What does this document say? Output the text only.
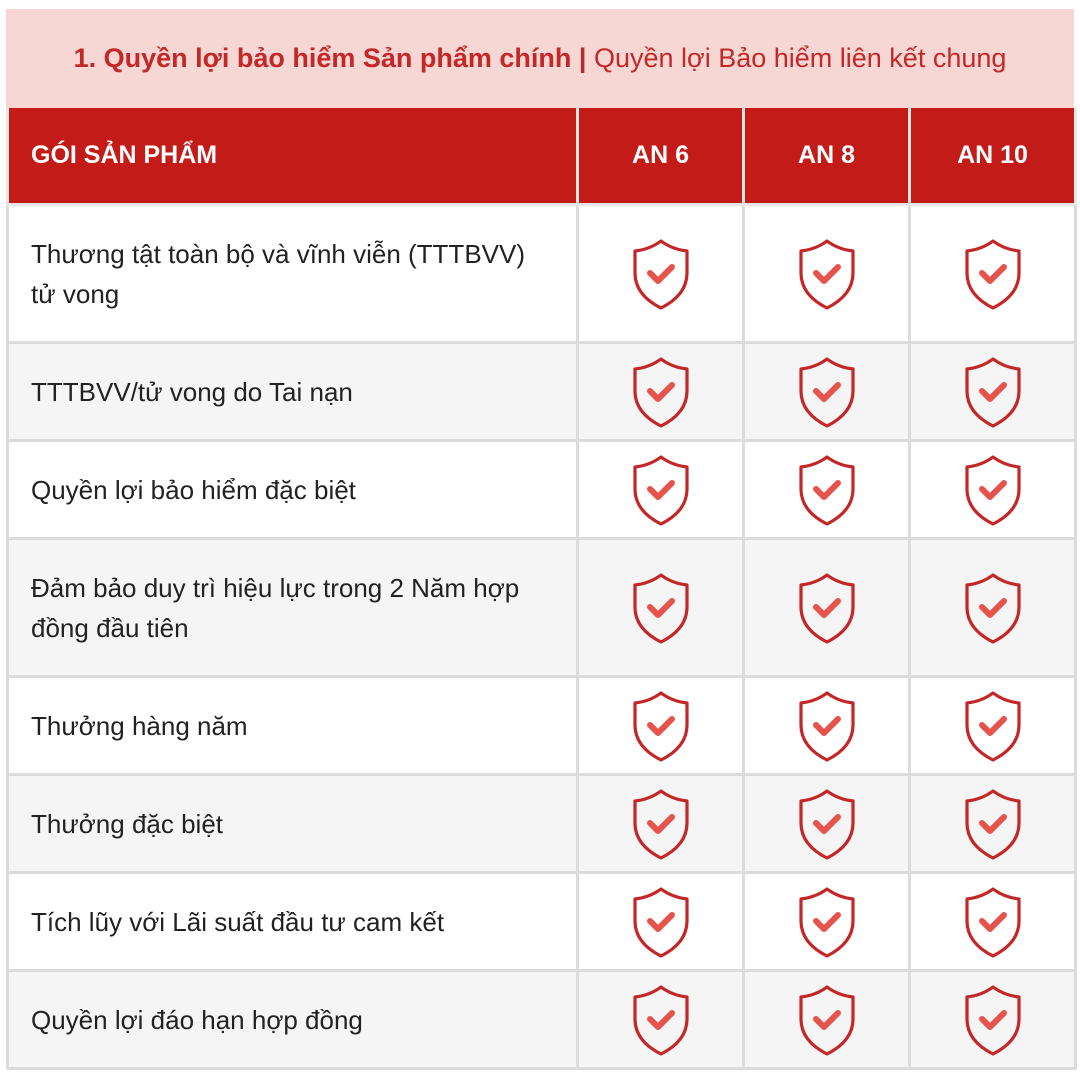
1. Quyền lợi bảo hiểm Sản phẩm chính |
Quyền lợi Bảo hiểm liên kết chung
GÓI SẢN PHẨM	AN 6	AN 8	AN 10
Thương tật toàn bộ và vĩnh viễn (TTTBVV) tử vong			
TTTBVV/tử vong do Tai nạn			
Quyền lợi bảo hiểm đặc biệt			
Đảm bảo duy trì hiệu lực trong 2 Năm hợp đồng đầu tiên			
Thưởng hàng năm			
Thưởng đặc biệt			
Tích lũy với Lãi suất đầu tư cam kết			
Quyền lợi đáo hạn hợp đồng			
